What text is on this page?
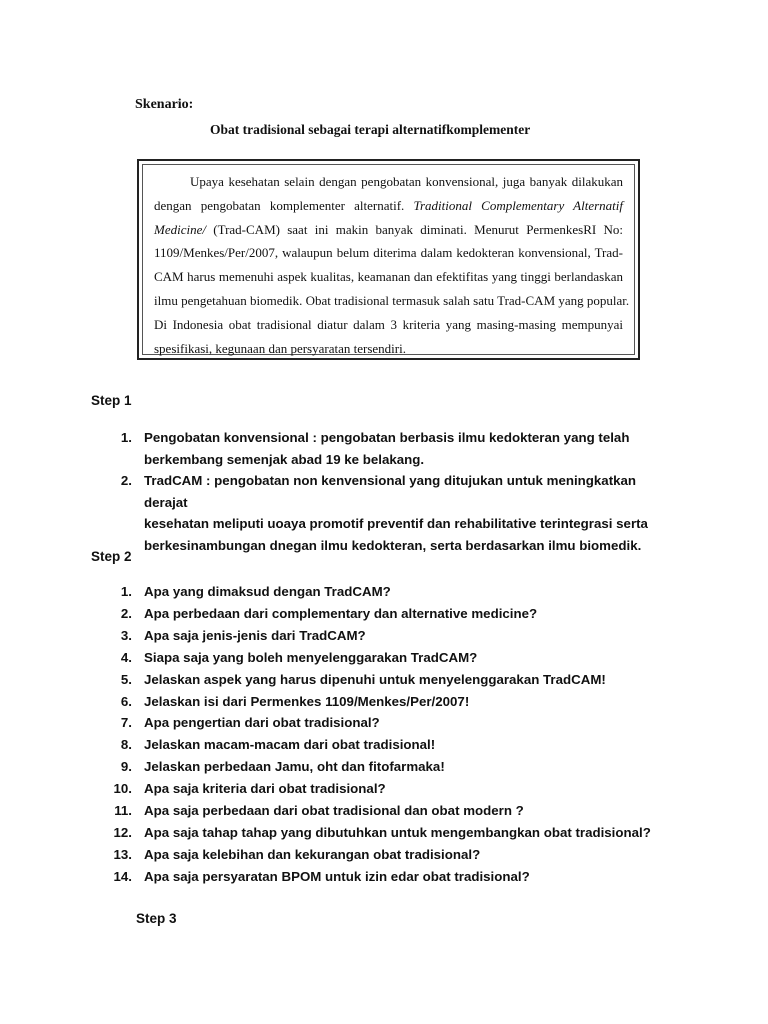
Skenario:
Obat tradisional sebagai terapi alternatifkomplementer
Upaya kesehatan selain dengan pengobatan konvensional, juga banyak dilakukan
dengan pengobatan komplementer alternatif. Traditional Complementary Alternatif
Medicine/ (Trad-CAM) saat ini makin banyak diminati. Menurut PermenkesRI No:
1109/Menkes/Per/2007, walaupun belum diterima dalam kedokteran konvensional, Trad-
CAM harus memenuhi aspek kualitas, keamanan dan efektifitas yang tinggi berlandaskan
ilmu pengetahuan biomedik. Obat tradisional termasuk salah satu Trad-CAM yang popular.
Di Indonesia obat tradisional diatur dalam 3 kriteria yang masing-masing mempunyai
spesifikasi, kegunaan dan persyaratan tersendiri.
Step 1
1. Pengobatan konvensional : pengobatan berbasis ilmu kedokteran yang telah
berkembang semenjak abad 19 ke belakang.
2. TradCAM : pengobatan non kenvensional yang ditujukan untuk meningkatkan derajat
kesehatan meliputi uoaya promotif preventif dan rehabilitative terintegrasi serta
berkesinambungan dnegan ilmu kedokteran, serta berdasarkan ilmu biomedik.
Step 2
1. Apa yang dimaksud dengan TradCAM?
2. Apa perbedaan dari complementary dan alternative medicine?
3. Apa saja jenis-jenis dari TradCAM?
4. Siapa saja yang boleh menyelenggarakan TradCAM?
5. Jelaskan aspek yang harus dipenuhi untuk menyelenggarakan TradCAM!
6. Jelaskan isi dari Permenkes 1109/Menkes/Per/2007!
7. Apa pengertian dari obat tradisional?
8. Jelaskan macam-macam dari obat tradisional!
9. Jelaskan perbedaan Jamu, oht dan fitofarmaka!
10. Apa saja kriteria dari obat tradisional?
11. Apa saja perbedaan dari obat tradisional dan obat modern ?
12. Apa saja tahap tahap yang dibutuhkan untuk mengembangkan obat tradisional?
13. Apa saja kelebihan dan kekurangan obat tradisional?
14. Apa saja persyaratan BPOM untuk izin edar obat tradisional?
Step 3
